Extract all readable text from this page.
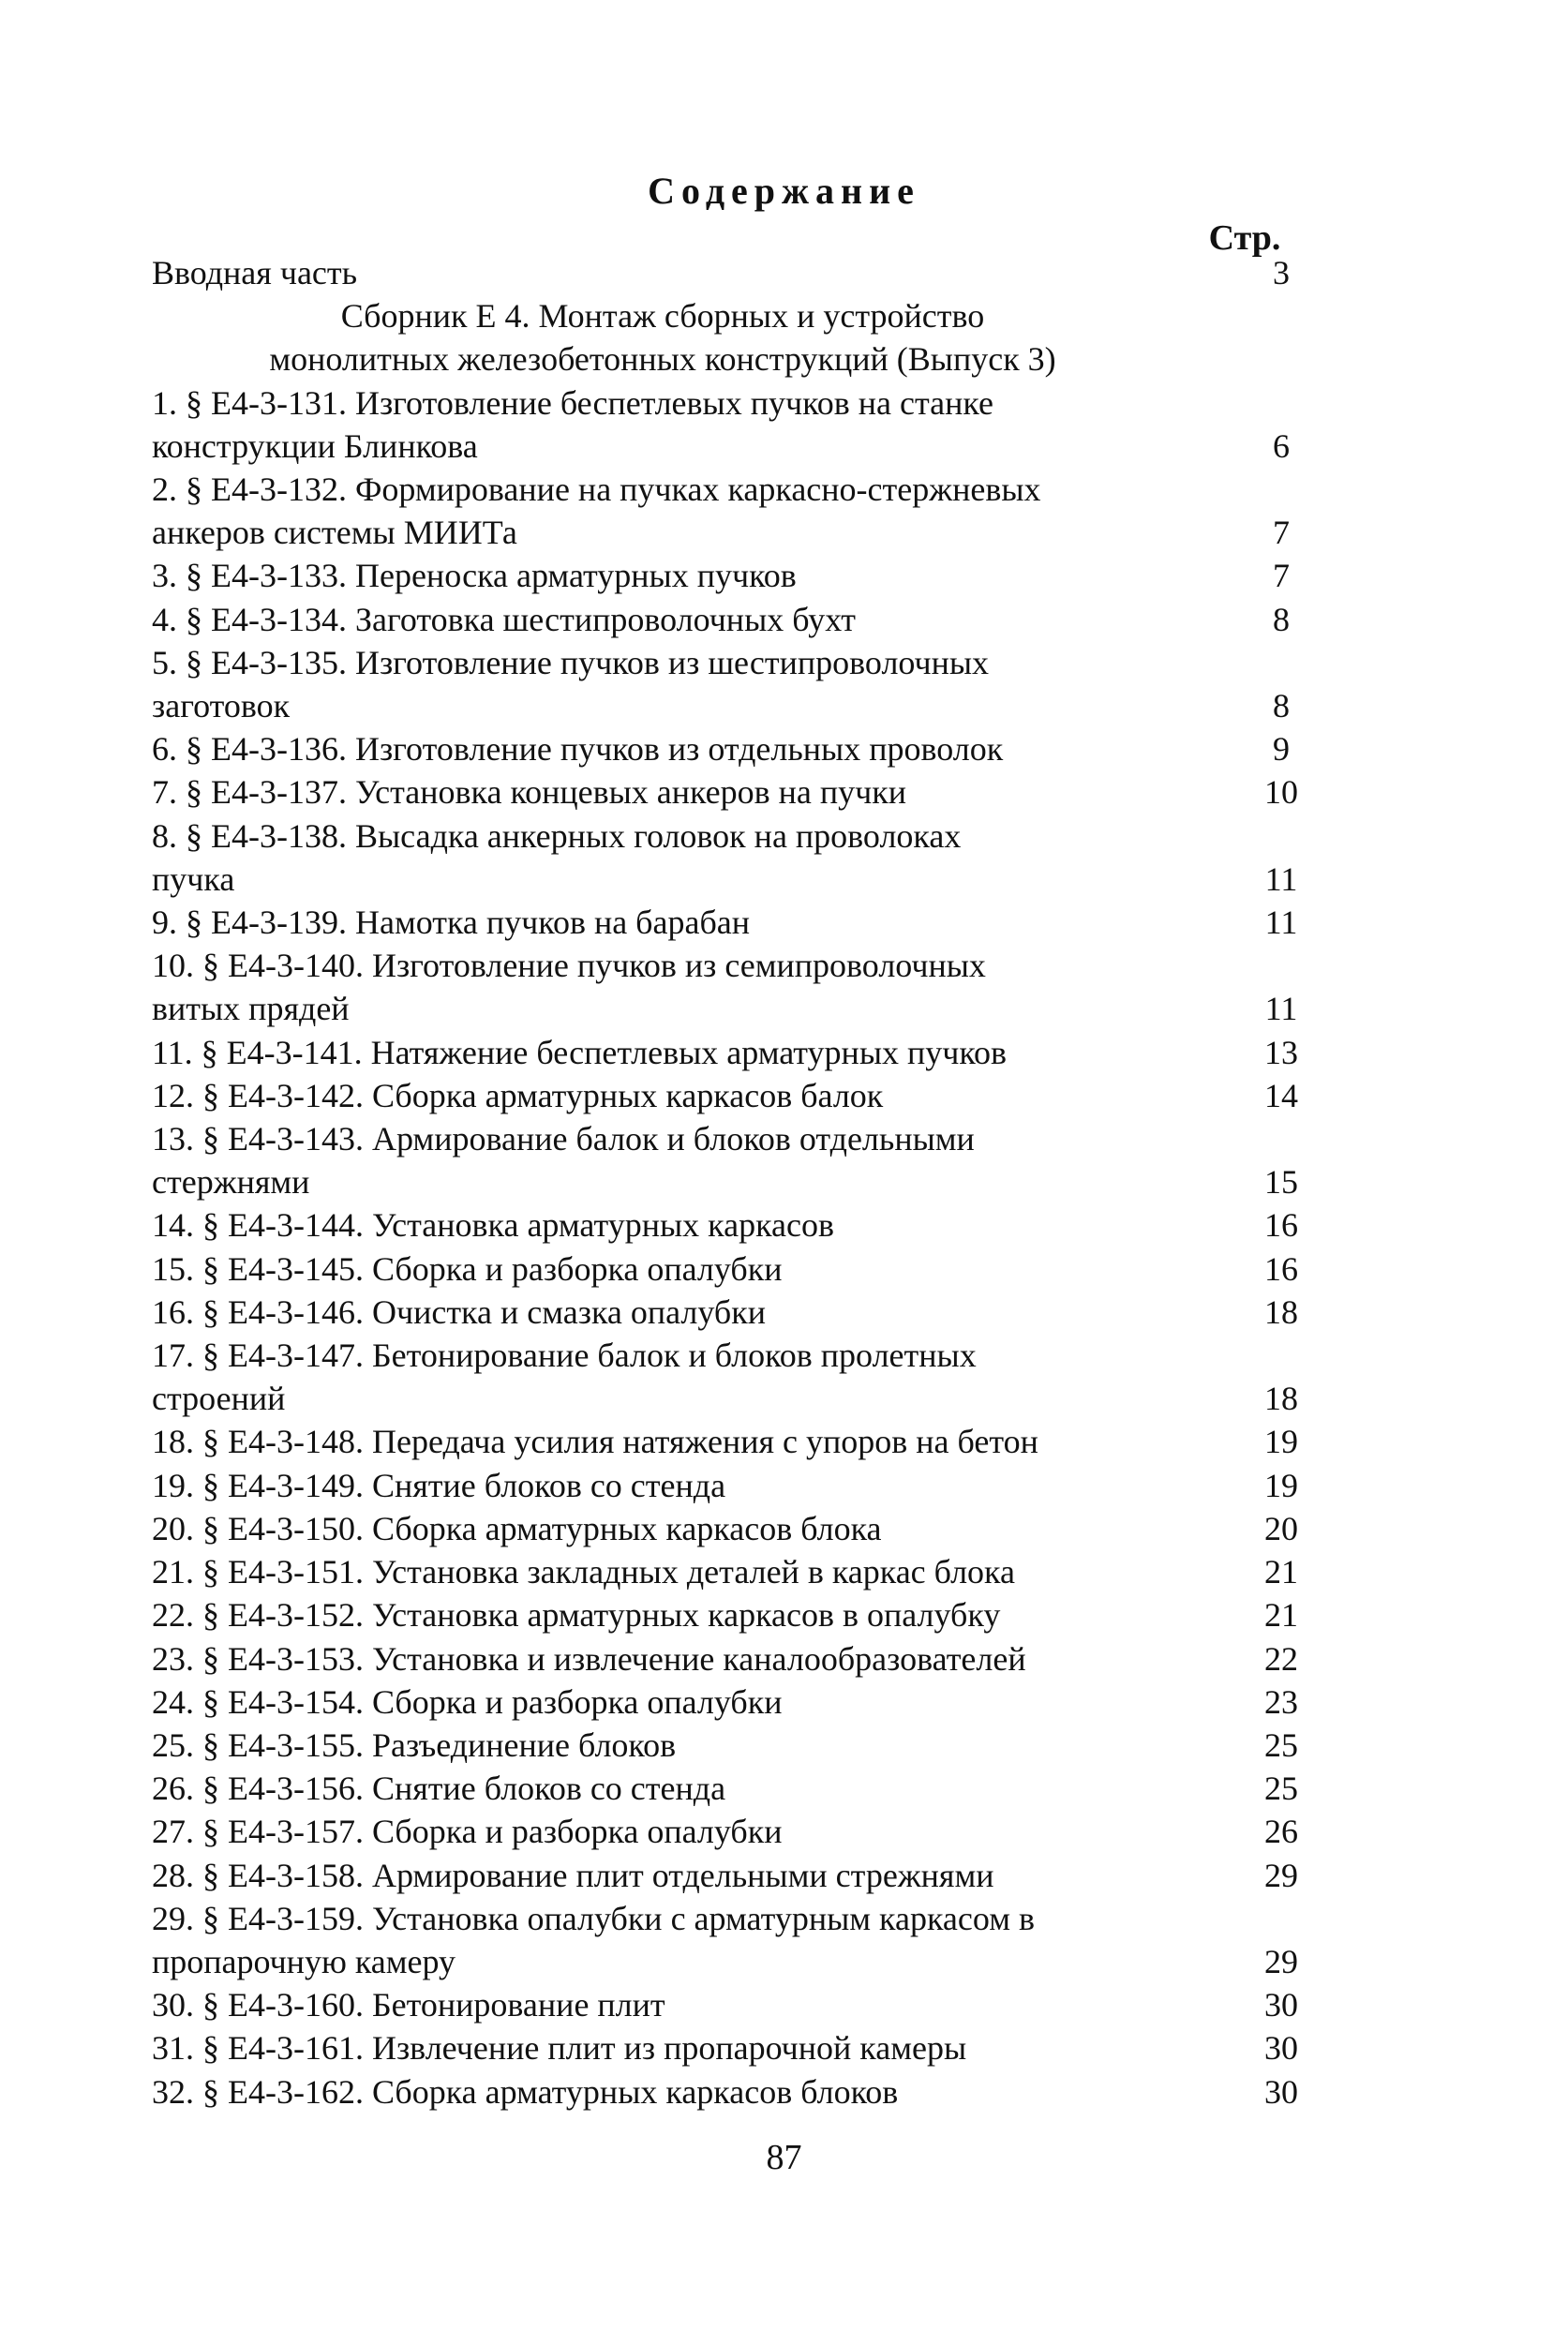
Содержание
Стр.
Вводная часть	3
Сборник Е 4. Монтаж сборных и устройство
монолитных железобетонных конструкций (Выпуск 3)
1. § Е4-3-131. Изготовление беспетлевых пучков на станке
конструкции Блинкова	6
2. § Е4-3-132. Формирование на пучках каркасно-стержневых
анкеров системы МИИТа	7
3. § Е4-3-133. Переноска арматурных пучков	7
4. § Е4-3-134. Заготовка шестипроволочных бухт	8
5. § Е4-3-135. Изготовление пучков из шестипроволочных
заготовок	8
6. § Е4-3-136. Изготовление пучков из отдельных проволок	9
7. § Е4-3-137. Установка концевых анкеров на пучки	10
8. § Е4-3-138. Высадка анкерных головок на проволоках
пучка	11
9. § Е4-3-139. Намотка пучков на барабан	11
10. § Е4-3-140. Изготовление пучков из семипроволочных
витых прядей	11
11. § Е4-3-141. Натяжение беспетлевых арматурных пучков	13
12. § Е4-3-142. Сборка арматурных каркасов балок	14
13. § Е4-3-143. Армирование балок и блоков отдельными
стержнями	15
14. § Е4-3-144. Установка арматурных каркасов	16
15. § Е4-3-145. Сборка и разборка опалубки	16
16. § Е4-3-146. Очистка и смазка опалубки	18
17. § Е4-3-147. Бетонирование балок и блоков пролетных
строений	18
18. § Е4-3-148. Передача усилия натяжения с упоров на бетон	19
19. § Е4-3-149. Снятие блоков со стенда	19
20. § Е4-3-150. Сборка арматурных каркасов блока	20
21. § Е4-3-151. Установка закладных деталей в каркас блока	21
22. § Е4-3-152. Установка арматурных каркасов в опалубку	21
23. § Е4-3-153. Установка и извлечение каналообразователей	22
24. § Е4-3-154. Сборка и разборка опалубки	23
25. § Е4-3-155. Разъединение блоков	25
26. § Е4-3-156. Снятие блоков со стенда	25
27. § Е4-3-157. Сборка и разборка опалубки	26
28. § Е4-3-158. Армирование плит отдельными стрежнями	29
29. § Е4-3-159. Установка опалубки с арматурным каркасом в
пропарочную камеру	29
30. § Е4-3-160. Бетонирование плит	30
31. § Е4-3-161. Извлечение плит из пропарочной камеры	30
32. § Е4-3-162. Сборка арматурных каркасов блоков	30
87
